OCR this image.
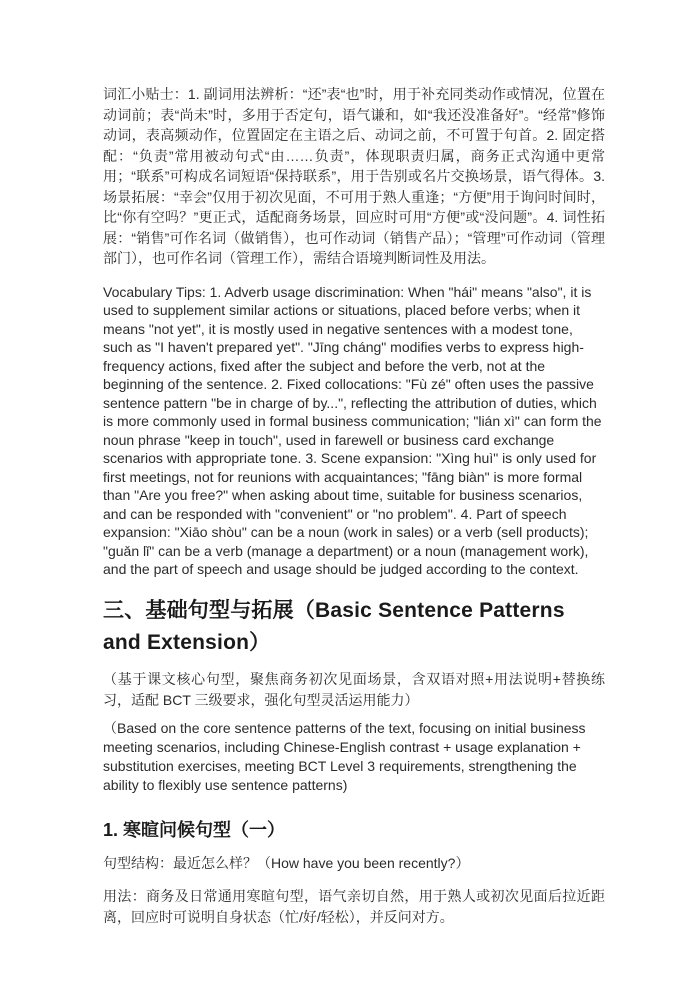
词汇小贴士：1. 副词用法辨析：“还”表“也”时，用于补充同类动作或情况，位置在动词前；表“尚未”时，多用于否定句，语气谦和，如“我还没准备好”。“经常”修饰动词，表高频动作，位置固定在主语之后、动词之前，不可置于句首。2. 固定搭配：“负责”常用被动句式“由……负责”，体现职责归属，商务正式沟通中更常用；“联系”可构成名词短语“保持联系”，用于告别或名片交换场景，语气得体。3. 场景拓展：“幸会”仅用于初次见面，不可用于熟人重逢；“方便”用于询问时间时，比“你有空吗？”更正式，适配商务场景，回应时可用“方便”或“没问题”。4. 词性拓展：“销售”可作名词（做销售），也可作动词（销售产品）；“管理”可作动词（管理部门），也可作名词（管理工作），需结合语境判断词性及用法。

Vocabulary Tips: 1. Adverb usage discrimination: When "hái" means "also", it is used to supplement similar actions or situations, placed before verbs; when it means "not yet", it is mostly used in negative sentences with a modest tone, such as "I haven't prepared yet". "Jīng cháng" modifies verbs to express high-frequency actions, fixed after the subject and before the verb, not at the beginning of the sentence. 2. Fixed collocations: "Fù zé" often uses the passive sentence pattern "be in charge of by...", reflecting the attribution of duties, which is more commonly used in formal business communication; "lián xì" can form the noun phrase "keep in touch", used in farewell or business card exchange scenarios with appropriate tone. 3. Scene expansion: "Xìng huì" is only used for first meetings, not for reunions with acquaintances; "fāng biàn" is more formal than "Are you free?" when asking about time, suitable for business scenarios, and can be responded with "convenient" or "no problem". 4. Part of speech expansion: "Xiāo shòu" can be a noun (work in sales) or a verb (sell products); "guǎn lǐ" can be a verb (manage a department) or a noun (management work), and the part of speech and usage should be judged according to the context.

三、基础句型与拓展（Basic Sentence Patterns and Extension）

（基于课文核心句型，聚焦商务初次见面场景，含双语对照+用法说明+替换练习，适配 BCT 三级要求，强化句型灵活运用能力）

（Based on the core sentence patterns of the text, focusing on initial business meeting scenarios, including Chinese-English contrast + usage explanation + substitution exercises, meeting BCT Level 3 requirements, strengthening the ability to flexibly use sentence patterns)

1. 寒暄问候句型（一）

句型结构：最近怎么样？（How have you been recently?）

用法：商务及日常通用寒暄句型，语气亲切自然，用于熟人或初次见面后拉近距离，回应时可说明自身状态（忙/好/轻松），并反问对方。
